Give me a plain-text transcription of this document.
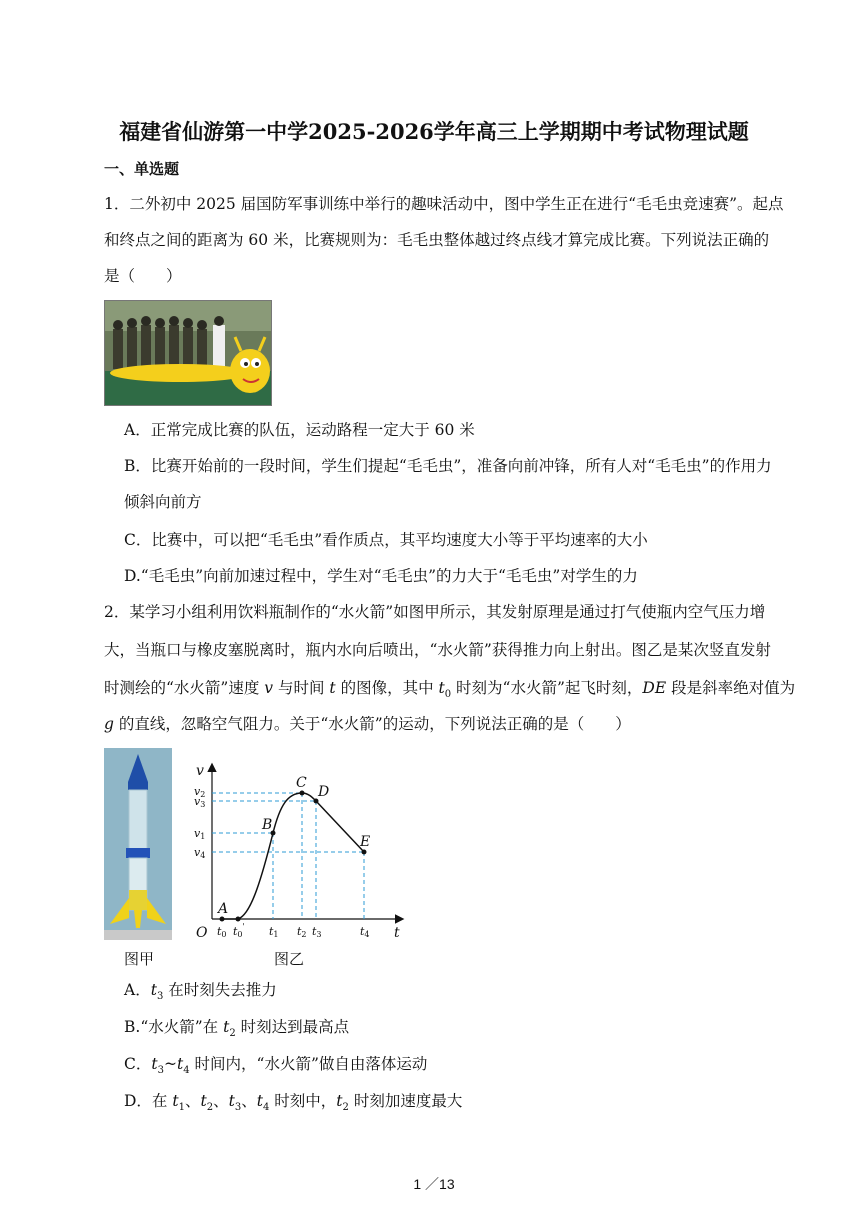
福建省仙游第一中学2025-2026学年高三上学期期中考试物理试题
一、单选题
1．二外初中 2025 届国防军事训练中举行的趣味活动中，图中学生正在进行“毛毛虫竞速赛”。起点
和终点之间的距离为 60 米，比赛规则为：毛毛虫整体越过终点线才算完成比赛。下列说法正确的
是（　　）
A．正常完成比赛的队伍，运动路程一定大于 60 米
B．比赛开始前的一段时间，学生们提起“毛毛虫”，准备向前冲锋，所有人对“毛毛虫”的作用力
倾斜向前方
C．比赛中，可以把“毛毛虫”看作质点，其平均速度大小等于平均速率的大小
D.“毛毛虫”向前加速过程中，学生对“毛毛虫”的力大于“毛毛虫”对学生的力
2．某学习小组利用饮料瓶制作的“水火箭”如图甲所示，其发射原理是通过打气使瓶内空气压力增
大，当瓶口与橡皮塞脱离时，瓶内水向后喷出，“水火箭”获得推力向上射出。图乙是某次竖直发射
时测绘的“水火箭”速度 v 与时间 t 的图像，其中 $t_0$ 时刻为“水火箭”起飞时刻，DE 段是斜率绝对值为
g 的直线，忽略空气阻力。关于“水火箭”的运动，下列说法正确的是（　　）
v
t
O
A
B
C
D
E
v2
v3
v1
v4
t0 t0' t1 t2 t3	t4
图甲	图乙
A．$t_3$ 在时刻失去推力
B.“水火箭”在 $t_2$ 时刻达到最高点
C．$t_3\sim t_4$ 时间内，“水火箭”做自由落体运动
D．在 $t_1$、$t_2$、$t_3$、$t_4$ 时刻中，$t_2$ 时刻加速度最大
1 ／13
